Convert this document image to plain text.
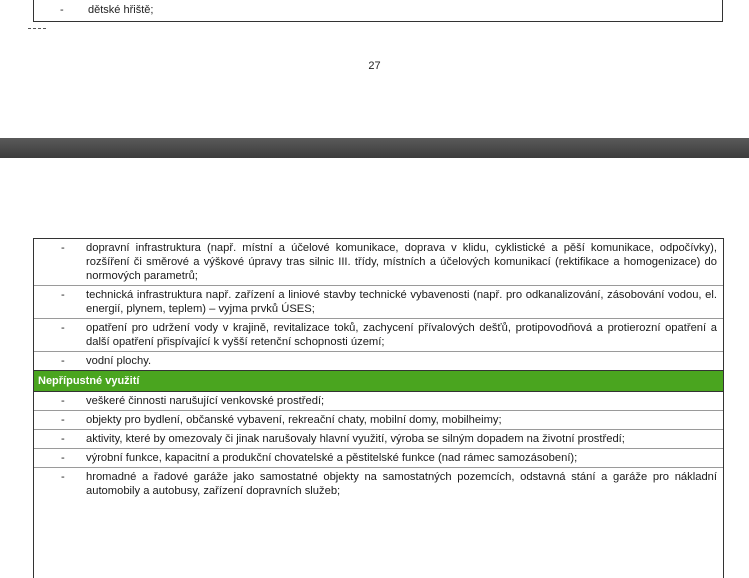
-	dětské hřiště;
27
-	dopravní infrastruktura (např. místní a účelové komunikace, doprava v klidu, cyklistické a pěší komunikace, odpočívky), rozšíření či směrové a výškové úpravy tras silnic III. třídy, místních a účelových komunikací (rektifikace a homogenizace) do normových parametrů;
-	technická infrastruktura např. zařízení a liniové stavby technické vybavenosti (např. pro odkanalizování, zásobování vodou, el. energií, plynem, teplem) – vyjma prvků ÚSES;
-	opatření pro udržení vody v krajině, revitalizace toků, zachycení přívalových dešťů, protipovodňová a protierozní opatření a další opatření přispívající k vyšší retenční schopnosti území;
-	vodní plochy.
Nepřípustné využití
-	veškeré činnosti narušující venkovské prostředí;
-	objekty pro bydlení, občanské vybavení, rekreační chaty, mobilní domy, mobilheimy;
-	aktivity, které by omezovaly či jinak narušovaly hlavní využití, výroba se silným dopadem na životní prostředí;
-	výrobní funkce, kapacitní a produkční chovatelské a pěstitelské funkce (nad rámec samozásobení);
-	hromadné a řadové garáže jako samostatné objekty na samostatných pozemcích, odstavná stání a garáže pro nákladní automobily a autobusy, zařízení dopravních služeb;
